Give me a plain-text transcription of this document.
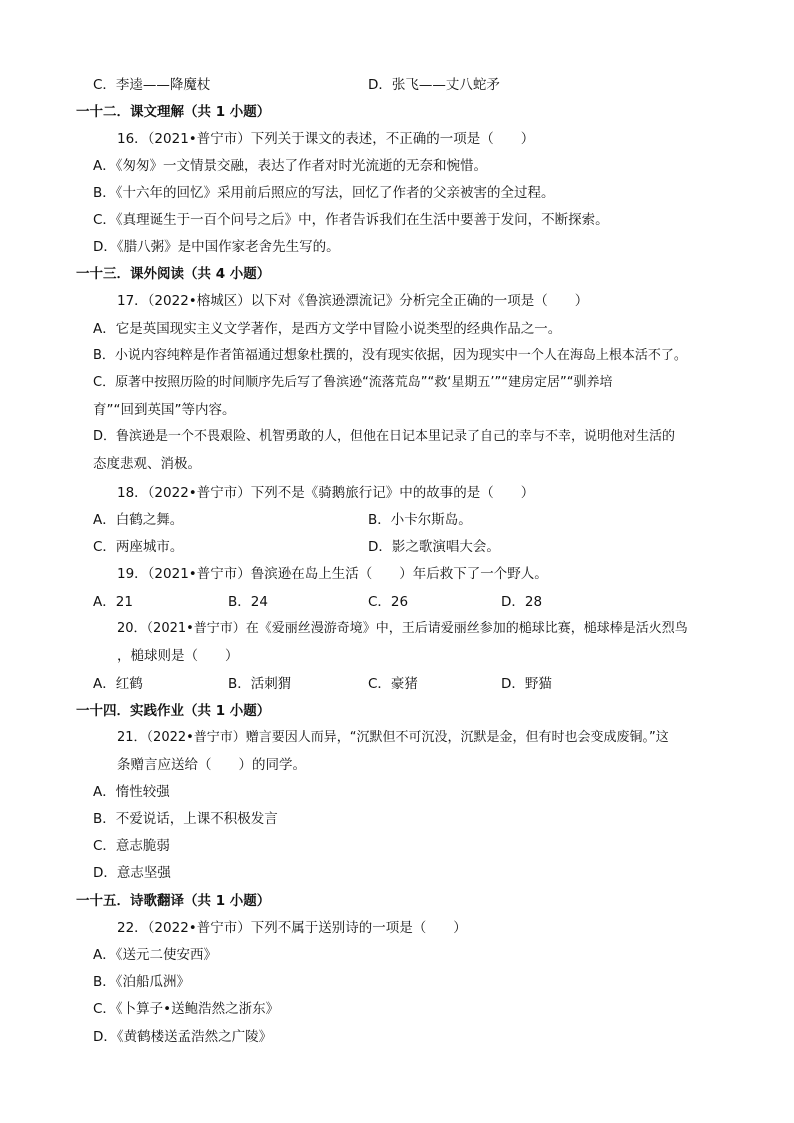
C．李逵——降魔杖	D．张飞——丈八蛇矛
一十二．课文理解（共 1 小题）
16．（2021•普宁市）下列关于课文的表述，不正确的一项是（　　）
A．《匆匆》一文情景交融，表达了作者对时光流逝的无奈和惋惜。
B．《十六年的回忆》采用前后照应的写法，回忆了作者的父亲被害的全过程。
C．《真理诞生于一百个问号之后》中，作者告诉我们在生活中要善于发问，不断探索。
D．《腊八粥》是中国作家老舍先生写的。
一十三．课外阅读（共 4 小题）
17．（2022•榕城区）以下对《鲁滨逊漂流记》分析完全正确的一项是（　　）
A．它是英国现实主义文学著作，是西方文学中冒险小说类型的经典作品之一。
B．小说内容纯粹是作者笛福通过想象杜撰的，没有现实依据，因为现实中一个人在海岛上根本活不了。
C．原著中按照历险的时间顺序先后写了鲁滨逊“流落荒岛”“救‘星期五’”“建房定居”“驯养培
育”“回到英国”等内容。
D．鲁滨逊是一个不畏艰险、机智勇敢的人，但他在日记本里记录了自己的幸与不幸，说明他对生活的
态度悲观、消极。
18．（2022•普宁市）下列不是《骑鹅旅行记》中的故事的是（　　）
A．白鹤之舞。	B．小卡尔斯岛。
C．两座城市。	D．影之歌演唱大会。
19．（2021•普宁市）鲁滨逊在岛上生活（　　）年后救下了一个野人。
A．21	B．24	C．26	D．28
20．（2021•普宁市）在《爱丽丝漫游奇境》中，王后请爱丽丝参加的槌球比赛，槌球棒是活火烈鸟
，槌球则是（　　）
A．红鹤	B．活刺猬	C．豪猪	D．野猫
一十四．实践作业（共 1 小题）
21．（2022•普宁市）赠言要因人而异，“沉默但不可沉没，沉默是金，但有时也会变成废铜。”这
条赠言应送给（　　）的同学。
A．惰性较强
B．不爱说话，上课不积极发言
C．意志脆弱
D．意志坚强
一十五．诗歌翻译（共 1 小题）
22．（2022•普宁市）下列不属于送别诗的一项是（　　）
A．《送元二使安西》
B．《泊船瓜洲》
C．《卜算子•送鲍浩然之浙东》
D．《黄鹤楼送孟浩然之广陵》
